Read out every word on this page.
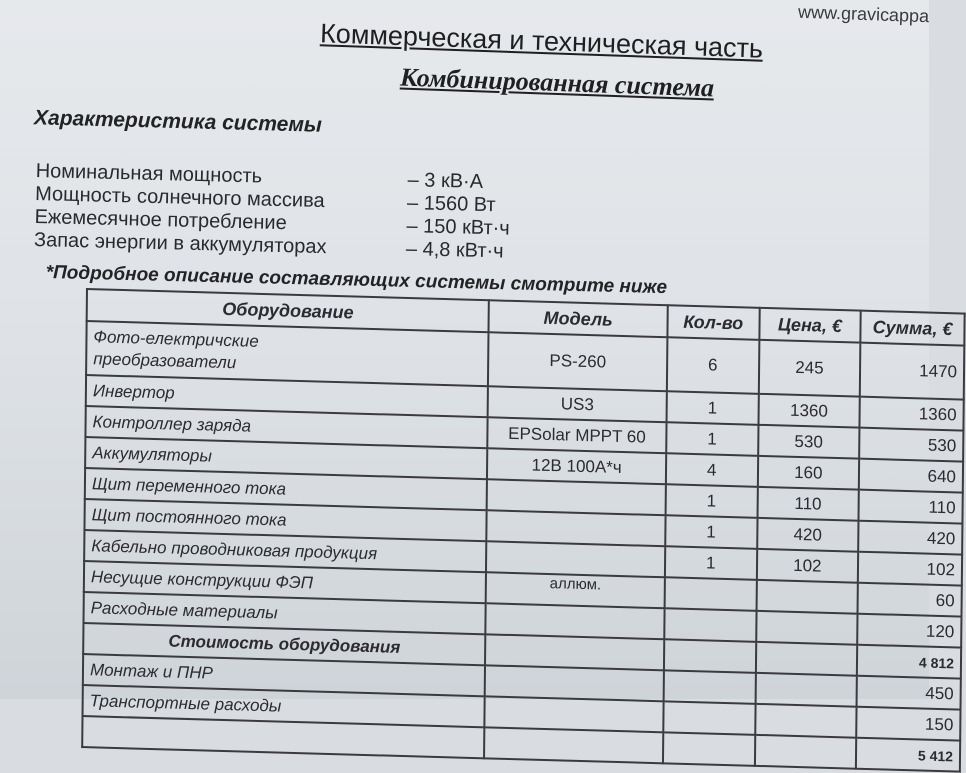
www.gravicappa
Коммерческая и техническая часть
Комбинированная система
Характеристика системы
Номинальная мощность	– 3 кВ·А
Мощность солнечного массива	– 1560 Вт
Ежемесячное потребление	– 150 кВт·ч
Запас энергии в аккумуляторах	– 4,8 кВт·ч
*Подробное описание составляющих системы смотрите ниже
Оборудование	Модель	Кол-во	Цена, €	Сумма, €
Фото-електричские
преобразователи	PS-260	6	245	1470
Инвертор	US3	1	1360	1360
Контроллер заряда	EPSolar MPPT 60	1	530	530
Аккумуляторы	12В 100А*ч	4	160	640
Щит переменного тока		1	110	110
Щит постоянного тока		1	420	420
Кабельно проводниковая продукция		1	102	102
Несущие конструкции ФЭП	аллюм.			60
Расходные материалы				120
Стоимость оборудования				4 812
Монтаж и ПНР				450
Транспортные расходы				150
				5 412
